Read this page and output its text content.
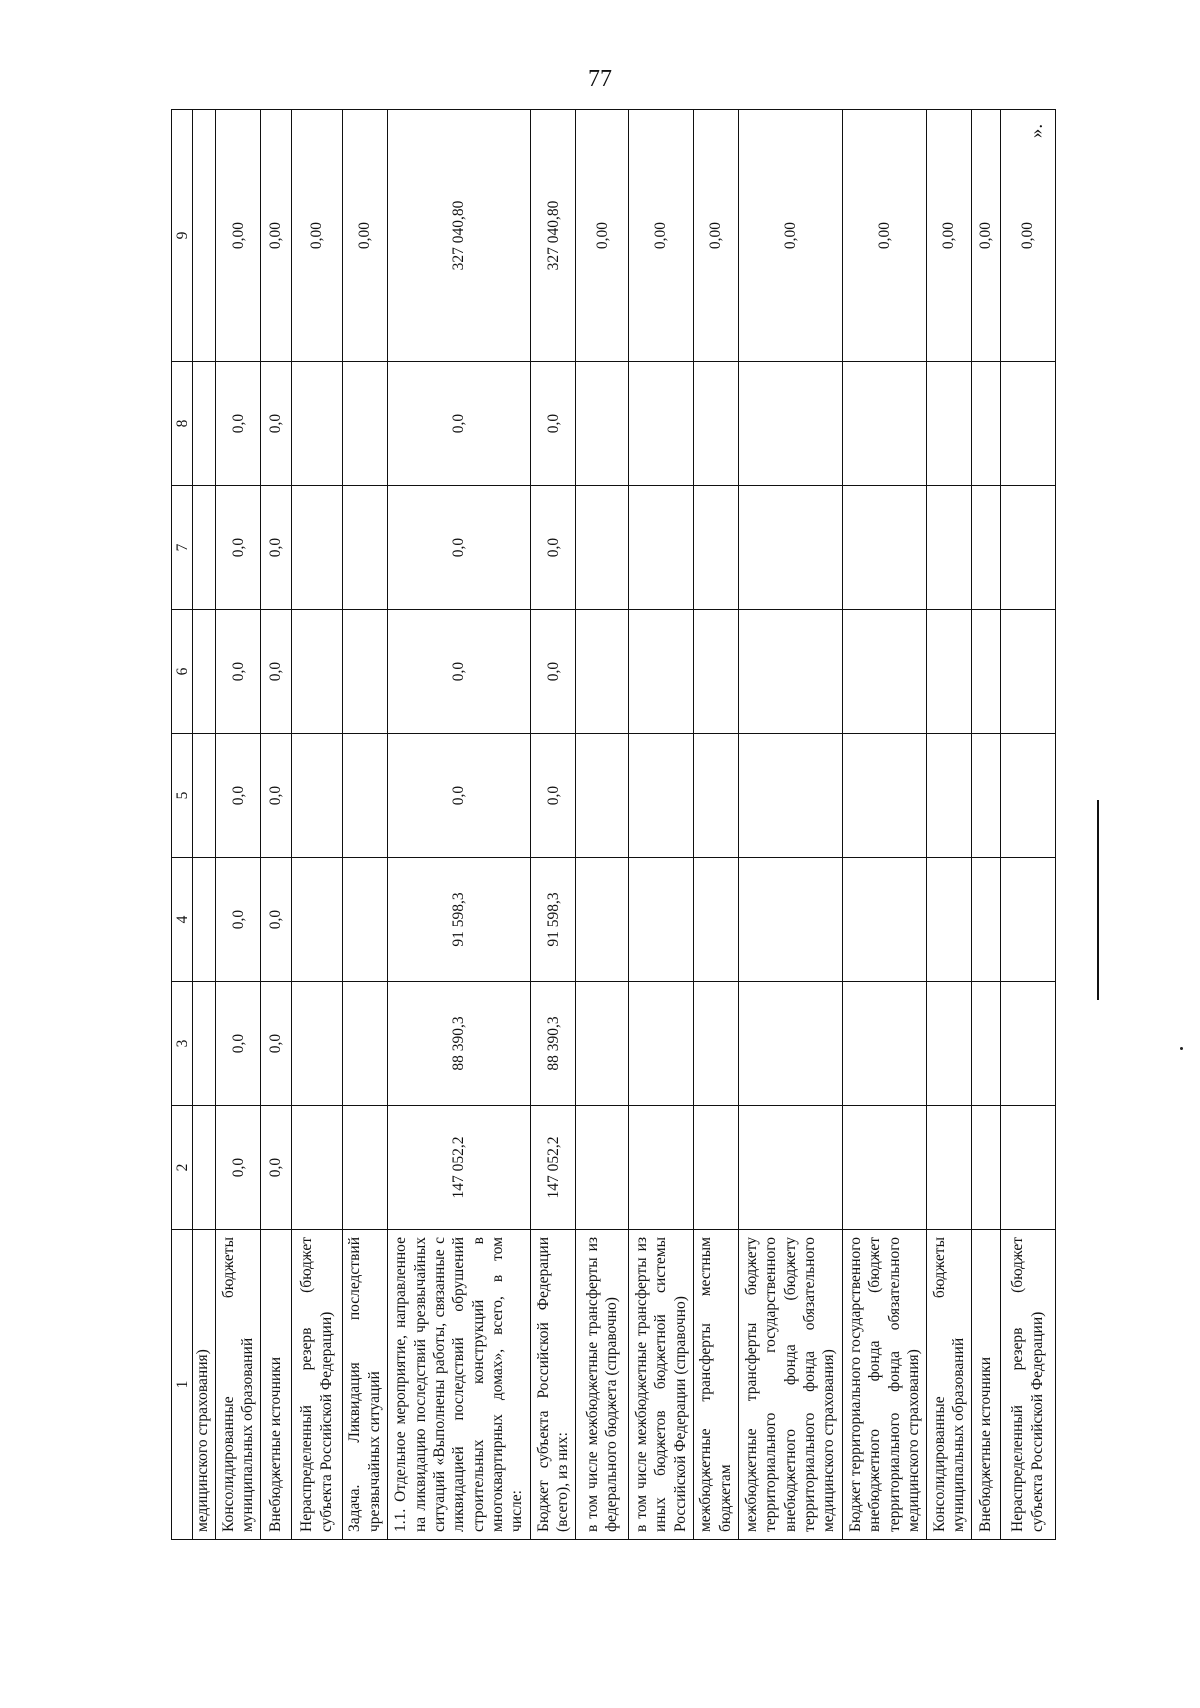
77
».
1	2	3	4	5	6	7	8	9
медицинского страхования)								
Консолидированные бюджеты муниципальных образований	0,0	0,0	0,0	0,0	0,0	0,0	0,0	0,00
Внебюджетные источники	0,0	0,0	0,0	0,0	0,0	0,0	0,0	0,00
Нераспределенный резерв (бюджет субъекта Российской Федерации)								0,00
Задача. Ликвидация последствий чрезвычайных ситуаций								0,00
1.1. Отдельное мероприятие, направленное на ликвидацию последствий чрезвычайных ситуаций «Выполнены работы, связанные с ликвидацией последствий обрушений строительных конструкций в многоквартирных домах», всего, в том числе:	147 052,2	88 390,3	91 598,3	0,0	0,0	0,0	0,0	327 040,80
Бюджет субъекта Российской Федерации (всего), из них:	147 052,2	88 390,3	91 598,3	0,0	0,0	0,0	0,0	327 040,80
в том числе межбюджетные трансферты из федерального бюджета (справочно)								0,00
в том числе межбюджетные трансферты из иных бюджетов бюджетной системы Российской Федерации (справочно)								0,00
межбюджетные трансферты местным бюджетам								0,00
межбюджетные трансферты бюджету территориального государственного внебюджетного фонда (бюджету территориального фонда обязательного медицинского страхования)								0,00
Бюджет территориального государственного внебюджетного фонда (бюджет территориального фонда обязательного медицинского страхования)								0,00
Консолидированные бюджеты муниципальных образований								0,00
Внебюджетные источники								0,00
Нераспределенный резерв (бюджет субъекта Российской Федерации)								0,00
